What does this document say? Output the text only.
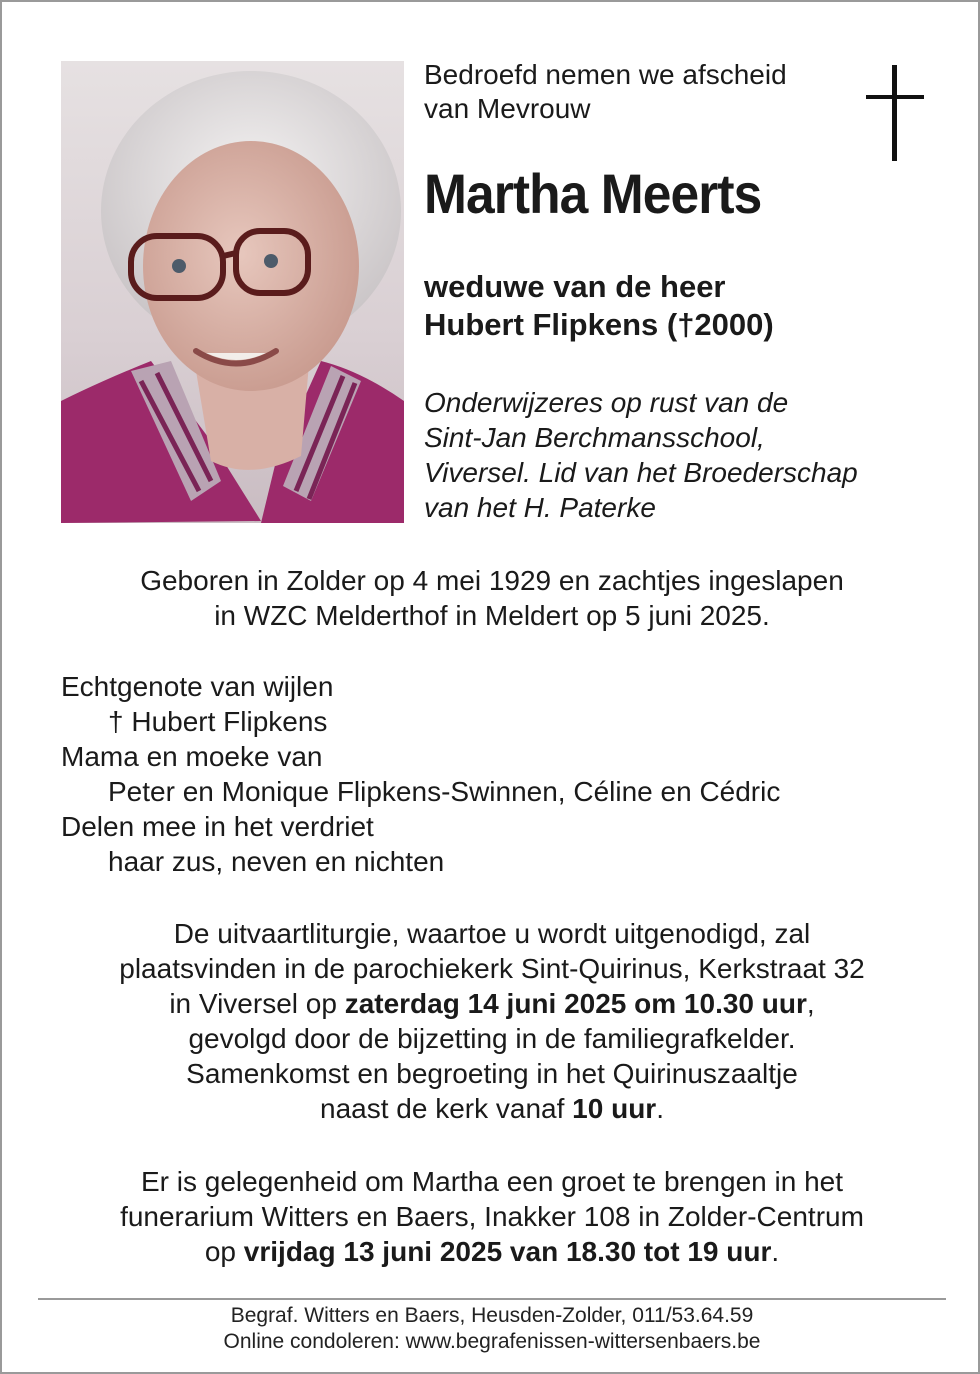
Bedroefd nemen we afscheid
van Mevrouw
Martha Meerts
weduwe van de heer
Hubert Flipkens (†2000)
Onderwijzeres op rust van de
Sint-Jan Berchmansschool,
Viversel. Lid van het Broederschap
van het H. Paterke
Geboren in Zolder op 4 mei 1929 en zachtjes ingeslapen
in WZC Melderthof in Meldert op 5 juni 2025.
Echtgenote van wijlen
† Hubert Flipkens
Mama en moeke van
Peter en Monique Flipkens-Swinnen, Céline en Cédric
Delen mee in het verdriet
haar zus, neven en nichten
De uitvaartliturgie, waartoe u wordt uitgenodigd, zal
plaatsvinden in de parochiekerk Sint-Quirinus, Kerkstraat 32
in Viversel op zaterdag 14 juni 2025 om 10.30 uur,
gevolgd door de bijzetting in de familiegrafkelder.
Samenkomst en begroeting in het Quirinuszaaltje
naast de kerk vanaf 10 uur.
Er is gelegenheid om Martha een groet te brengen in het
funerarium Witters en Baers, Inakker 108 in Zolder-Centrum
op vrijdag 13 juni 2025 van 18.30 tot 19 uur.
Begraf. Witters en Baers, Heusden-Zolder, 011/53.64.59
Online condoleren: www.begrafenissen-wittersenbaers.be
